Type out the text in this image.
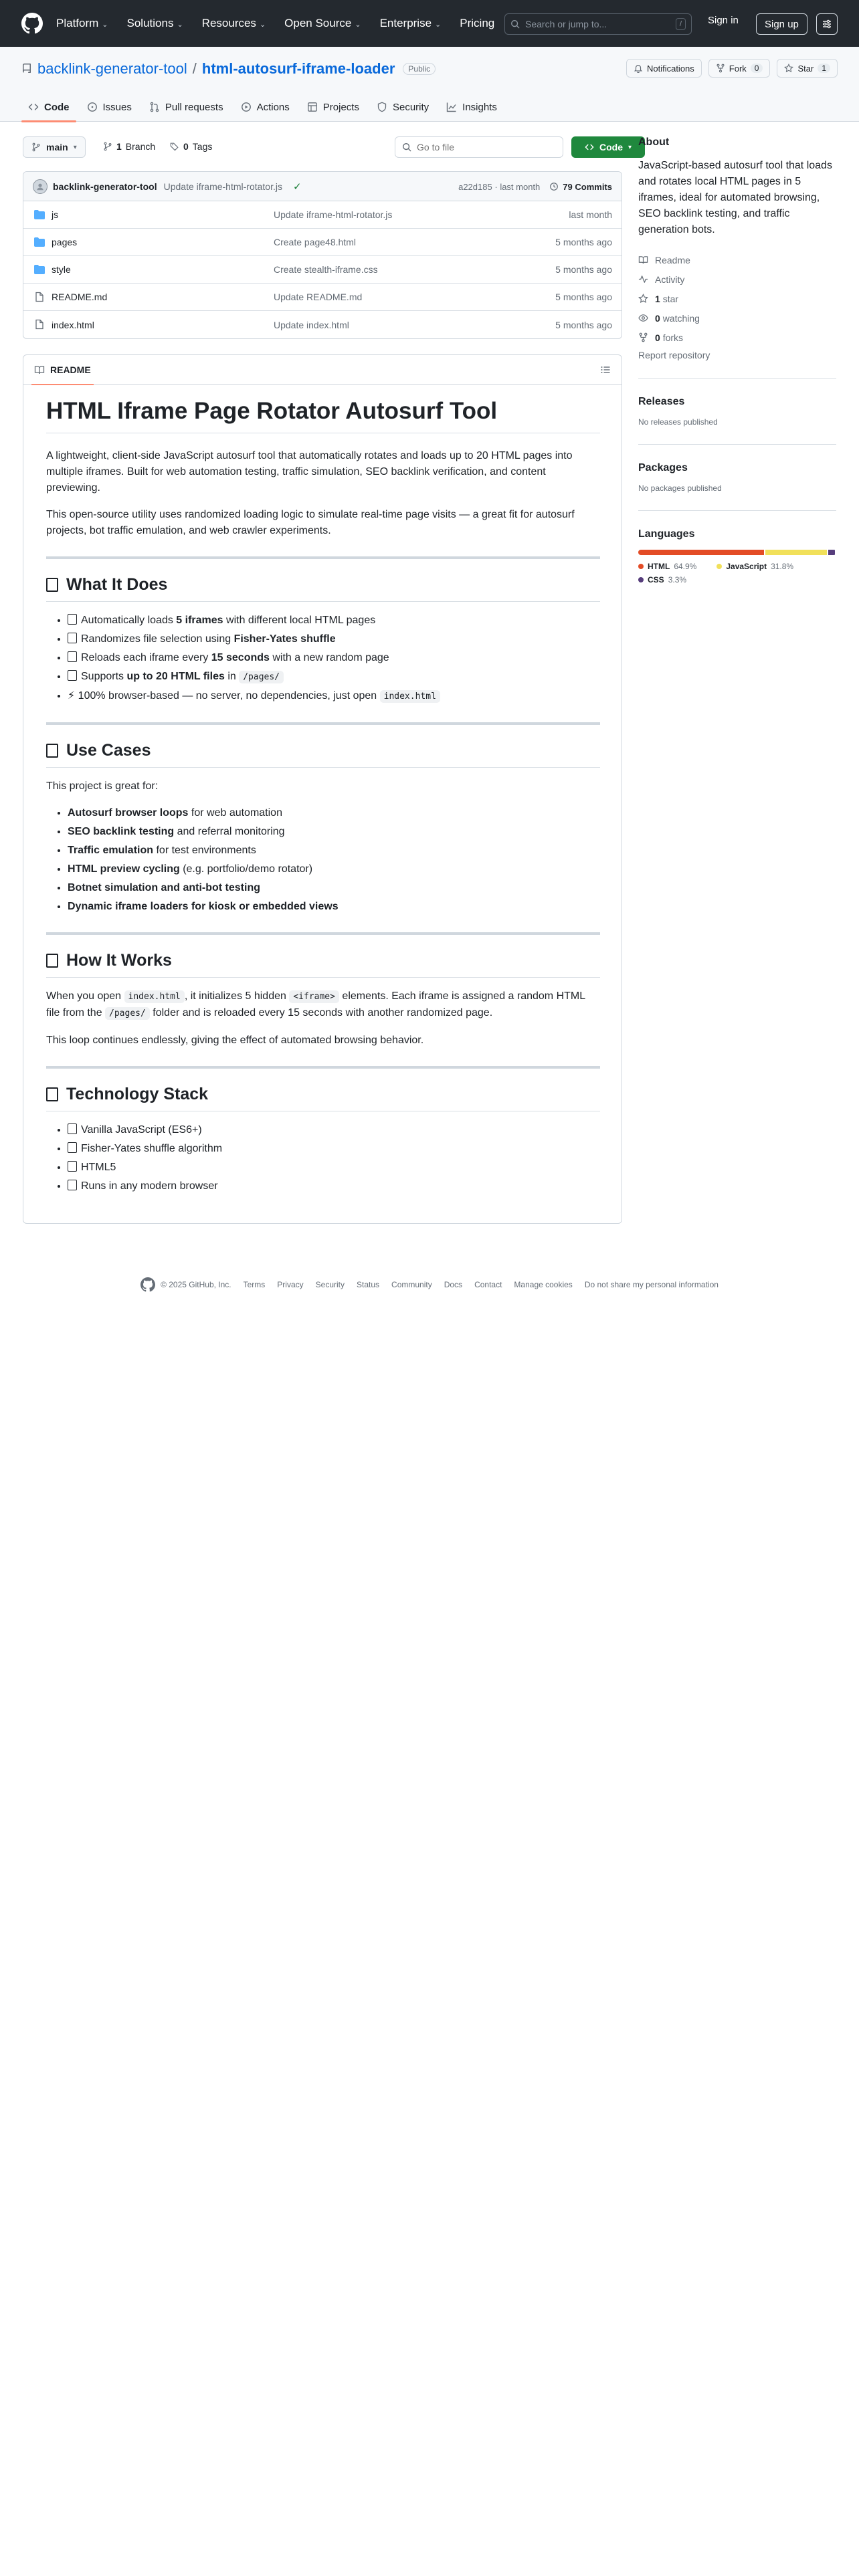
Platform ⌄ Solutions ⌄ Resources ⌄ Open Source ⌄ Enterprise ⌄ Pricing
Search or jump to...	/	Sign in	Sign up
backlink-generator-tool / html-autosurf-iframe-loader	Public	Notifications	Fork	0	Star	1
Code	Issues	Pull requests	Actions	Projects	Security	Insights
main ▾	1 Branch	0 Tags
Go to file	Code ▾
backlink-generator-tool Update iframe-html-rotator.js ✓	a22d185 · last month	79 Commits
js	Update iframe-html-rotator.js	last month
pages	Create page48.html	5 months ago
style	Create stealth-iframe.css	5 months ago
README.md	Update README.md	5 months ago
index.html	Update index.html	5 months ago
README
HTML Iframe Page Rotator Autosurf Tool

A lightweight, client-side JavaScript autosurf tool that automatically rotates and loads up to 20 HTML pages into multiple iframes. Built for web automation testing, traffic simulation, SEO backlink verification, and content previewing.

This open-source utility uses randomized loading logic to simulate real-time page visits — a great fit for autosurf projects, bot traffic emulation, and web crawler experiments.

What It Does
• Automatically loads 5 iframes with different local HTML pages
• Randomizes file selection using Fisher-Yates shuffle
• Reloads each iframe every 15 seconds with a new random page
• Supports up to 20 HTML files in /pages/
• ⚡ 100% browser-based — no server, no dependencies, just open index.html
Use Cases

This project is great for:

• Autosurf browser loops for web automation
• SEO backlink testing and referral monitoring
• Traffic emulation for test environments
• HTML preview cycling (e.g. portfolio/demo rotator)
• Botnet simulation and anti-bot testing
• Dynamic iframe loaders for kiosk or embedded views
How It Works

When you open index.html , it initializes 5 hidden <iframe> elements. Each iframe is assigned a random HTML file from the /pages/ folder and is reloaded every 15 seconds with another randomized page.

This loop continues endlessly, giving the effect of automated browsing behavior.

Technology Stack
• Vanilla JavaScript (ES6+)
• Fisher-Yates shuffle algorithm
• HTML5
• Runs in any modern browser
About

JavaScript-based autosurf tool that loads and rotates local HTML pages in 5 iframes, ideal for automated browsing, SEO backlink testing, and traffic generation bots.

Readme
Activity
1 star
0 watching
0 forks
Report repository
Releases

No releases published

Packages

No packages published

Languages
HTML 64.9%	JavaScript 31.8%
CSS 3.3%
© 2025 GitHub, Inc. Terms Privacy Security Status Community Docs Contact Manage cookies Do not share my personal information
